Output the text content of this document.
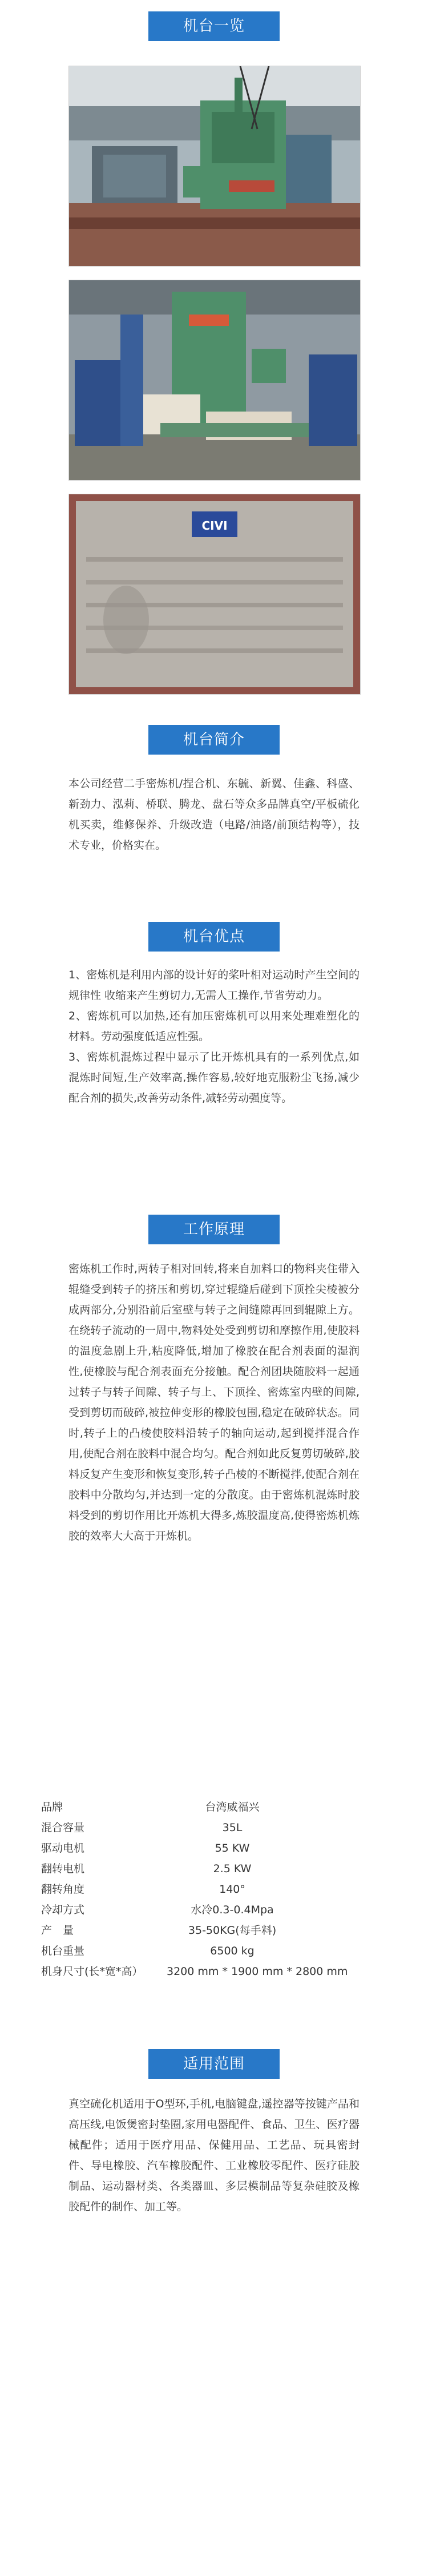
机台一览
CIVI
机台简介

本公司经营二手密炼机/捏合机、东毓、新翼、佳鑫、科盛、新劲力、泓莉、桥联、腾龙、盘石等众多品牌真空/平板硫化机买卖，维修保养、升级改造（电路/油路/前顶结构等），技术专业，价格实在。

机台优点

1、密炼机是利用内部的设计好的桨叶相对运动时产生空间的规律性 收缩来产生剪切力,无需人工操作,节省劳动力。

2、密炼机可以加热,还有加压密炼机可以用来处理难塑化的材料。劳动强度低适应性强。

3、密炼机混炼过程中显示了比开炼机具有的一系列优点,如混炼时间短,生产效率高,操作容易,较好地克服粉尘飞扬,减少配合剂的损失,改善劳动条件,减轻劳动强度等。

工作原理

密炼机工作时,两转子相对回转,将来自加料口的物料夹住带入辊缝受到转子的挤压和剪切,穿过辊缝后碰到下顶拴尖棱被分成两部分,分别沿前后室壁与转子之间缝隙再回到辊隙上方。在绕转子流动的一周中,物料处处受到剪切和摩擦作用,使胶料的温度急剧上升,粘度降低,增加了橡胶在配合剂表面的湿润性,使橡胶与配合剂表面充分接触。配合剂团块随胶料一起通过转子与转子间隙、转子与上、下顶拴、密炼室内壁的间隙,受到剪切而破碎,被拉伸变形的橡胶包围,稳定在破碎状态。同时,转子上的凸棱使胶料沿转子的轴向运动,起到搅拌混合作用,使配合剂在胶料中混合均匀。配合剂如此反复剪切破碎,胶料反复产生变形和恢复变形,转子凸棱的不断搅拌,使配合剂在胶料中分散均匀,并达到一定的分散度。由于密炼机混炼时胶料受到的剪切作用比开炼机大得多,炼胶温度高,使得密炼机炼胶的效率大大高于开炼机。

品牌	台湾威福兴
混合容量	35L
驱动电机	55 KW
翻转电机	2.5 KW
翻转角度	140°
冷却方式	水冷0.3-0.4Mpa
产　量	35-50KG(每手料)
机台重量	6500 kg
机身尺寸(长*宽*高） 3200 mm * 1900 mm * 2800 mm
适用范围

真空硫化机适用于O型环,手机,电脑键盘,遥控器等按键产品和高压线,电饭煲密封垫圈,家用电器配件、食品、卫生、医疗器械配件；适用于医疗用品、保健用品、工艺品、玩具密封件、导电橡胶、汽车橡胶配件、工业橡胶零配件、医疗硅胶制品、运动器材类、各类器皿、多层模制品等复杂硅胶及橡胶配件的制作、加工等。
